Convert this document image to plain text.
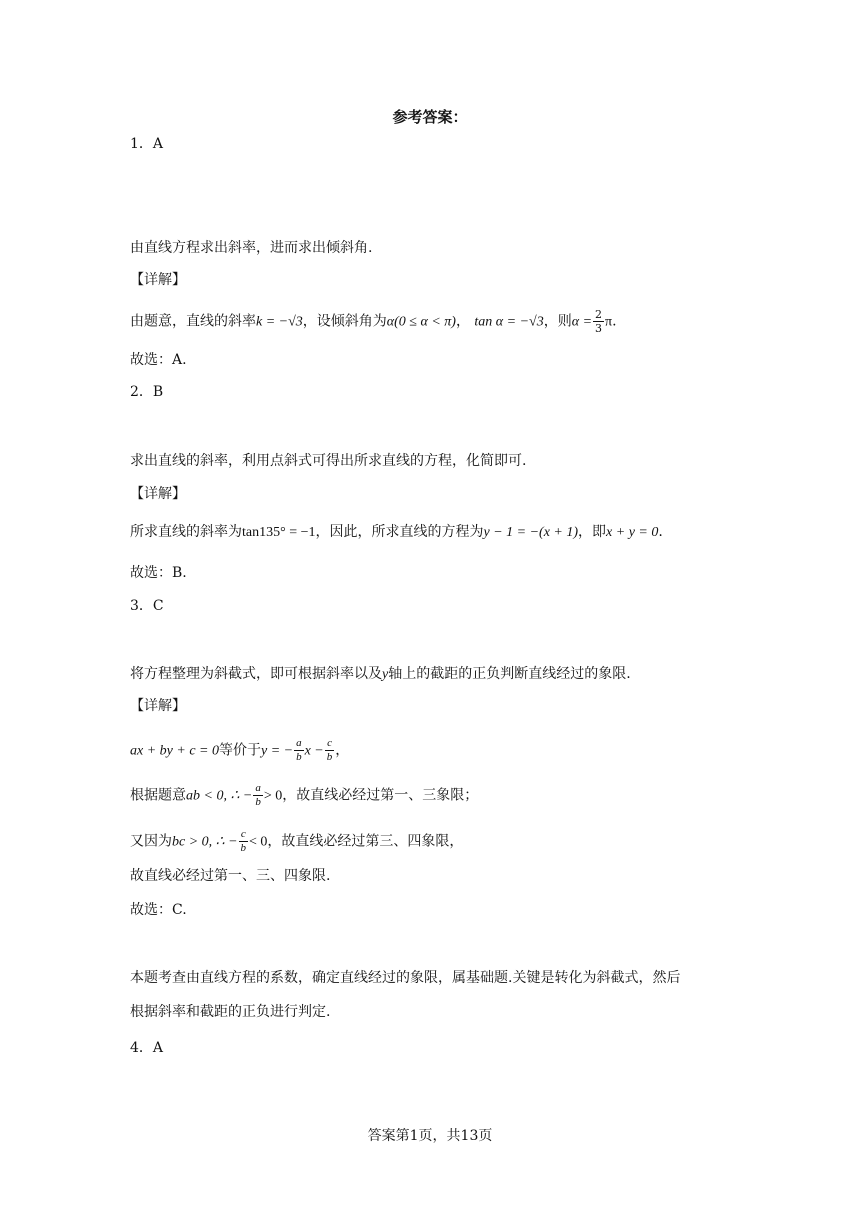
参考答案：
1．A
由直线方程求出斜率，进而求出倾斜角.
【详解】
由题意，直线的斜率k = −√3，设倾斜角为α(0 ≤ α < π)， tan α = −√3，则$\alpha = \frac{2}{3} \pi$.
故选：A.
2．B
求出直线的斜率，利用点斜式可得出所求直线的方程，化简即可.
【详解】
所求直线的斜率为tan135° = −1，因此，所求直线的方程为y − 1 = −(x + 1)，即x + y = 0.
故选：B.
3．C
将方程整理为斜截式，即可根据斜率以及y轴上的截距的正负判断直线经过的象限.
【详解】
ax + by + c = 0等价于y = − $\frac{a}{b}$ $x - \frac{c}{b}$ ，
根据题意ab < 0, ∴ − $\frac{a}{b} > 0$，故直线必经过第一、三象限；
又因为bc > 0, ∴ − $\frac{c}{b} < 0$，故直线必经过第三、四象限，
故直线必经过第一、三、四象限.
故选：C.
本题考查由直线方程的系数，确定直线经过的象限，属基础题.关键是转化为斜截式，然后
根据斜率和截距的正负进行判定.
4．A
答案第1页，共13页
